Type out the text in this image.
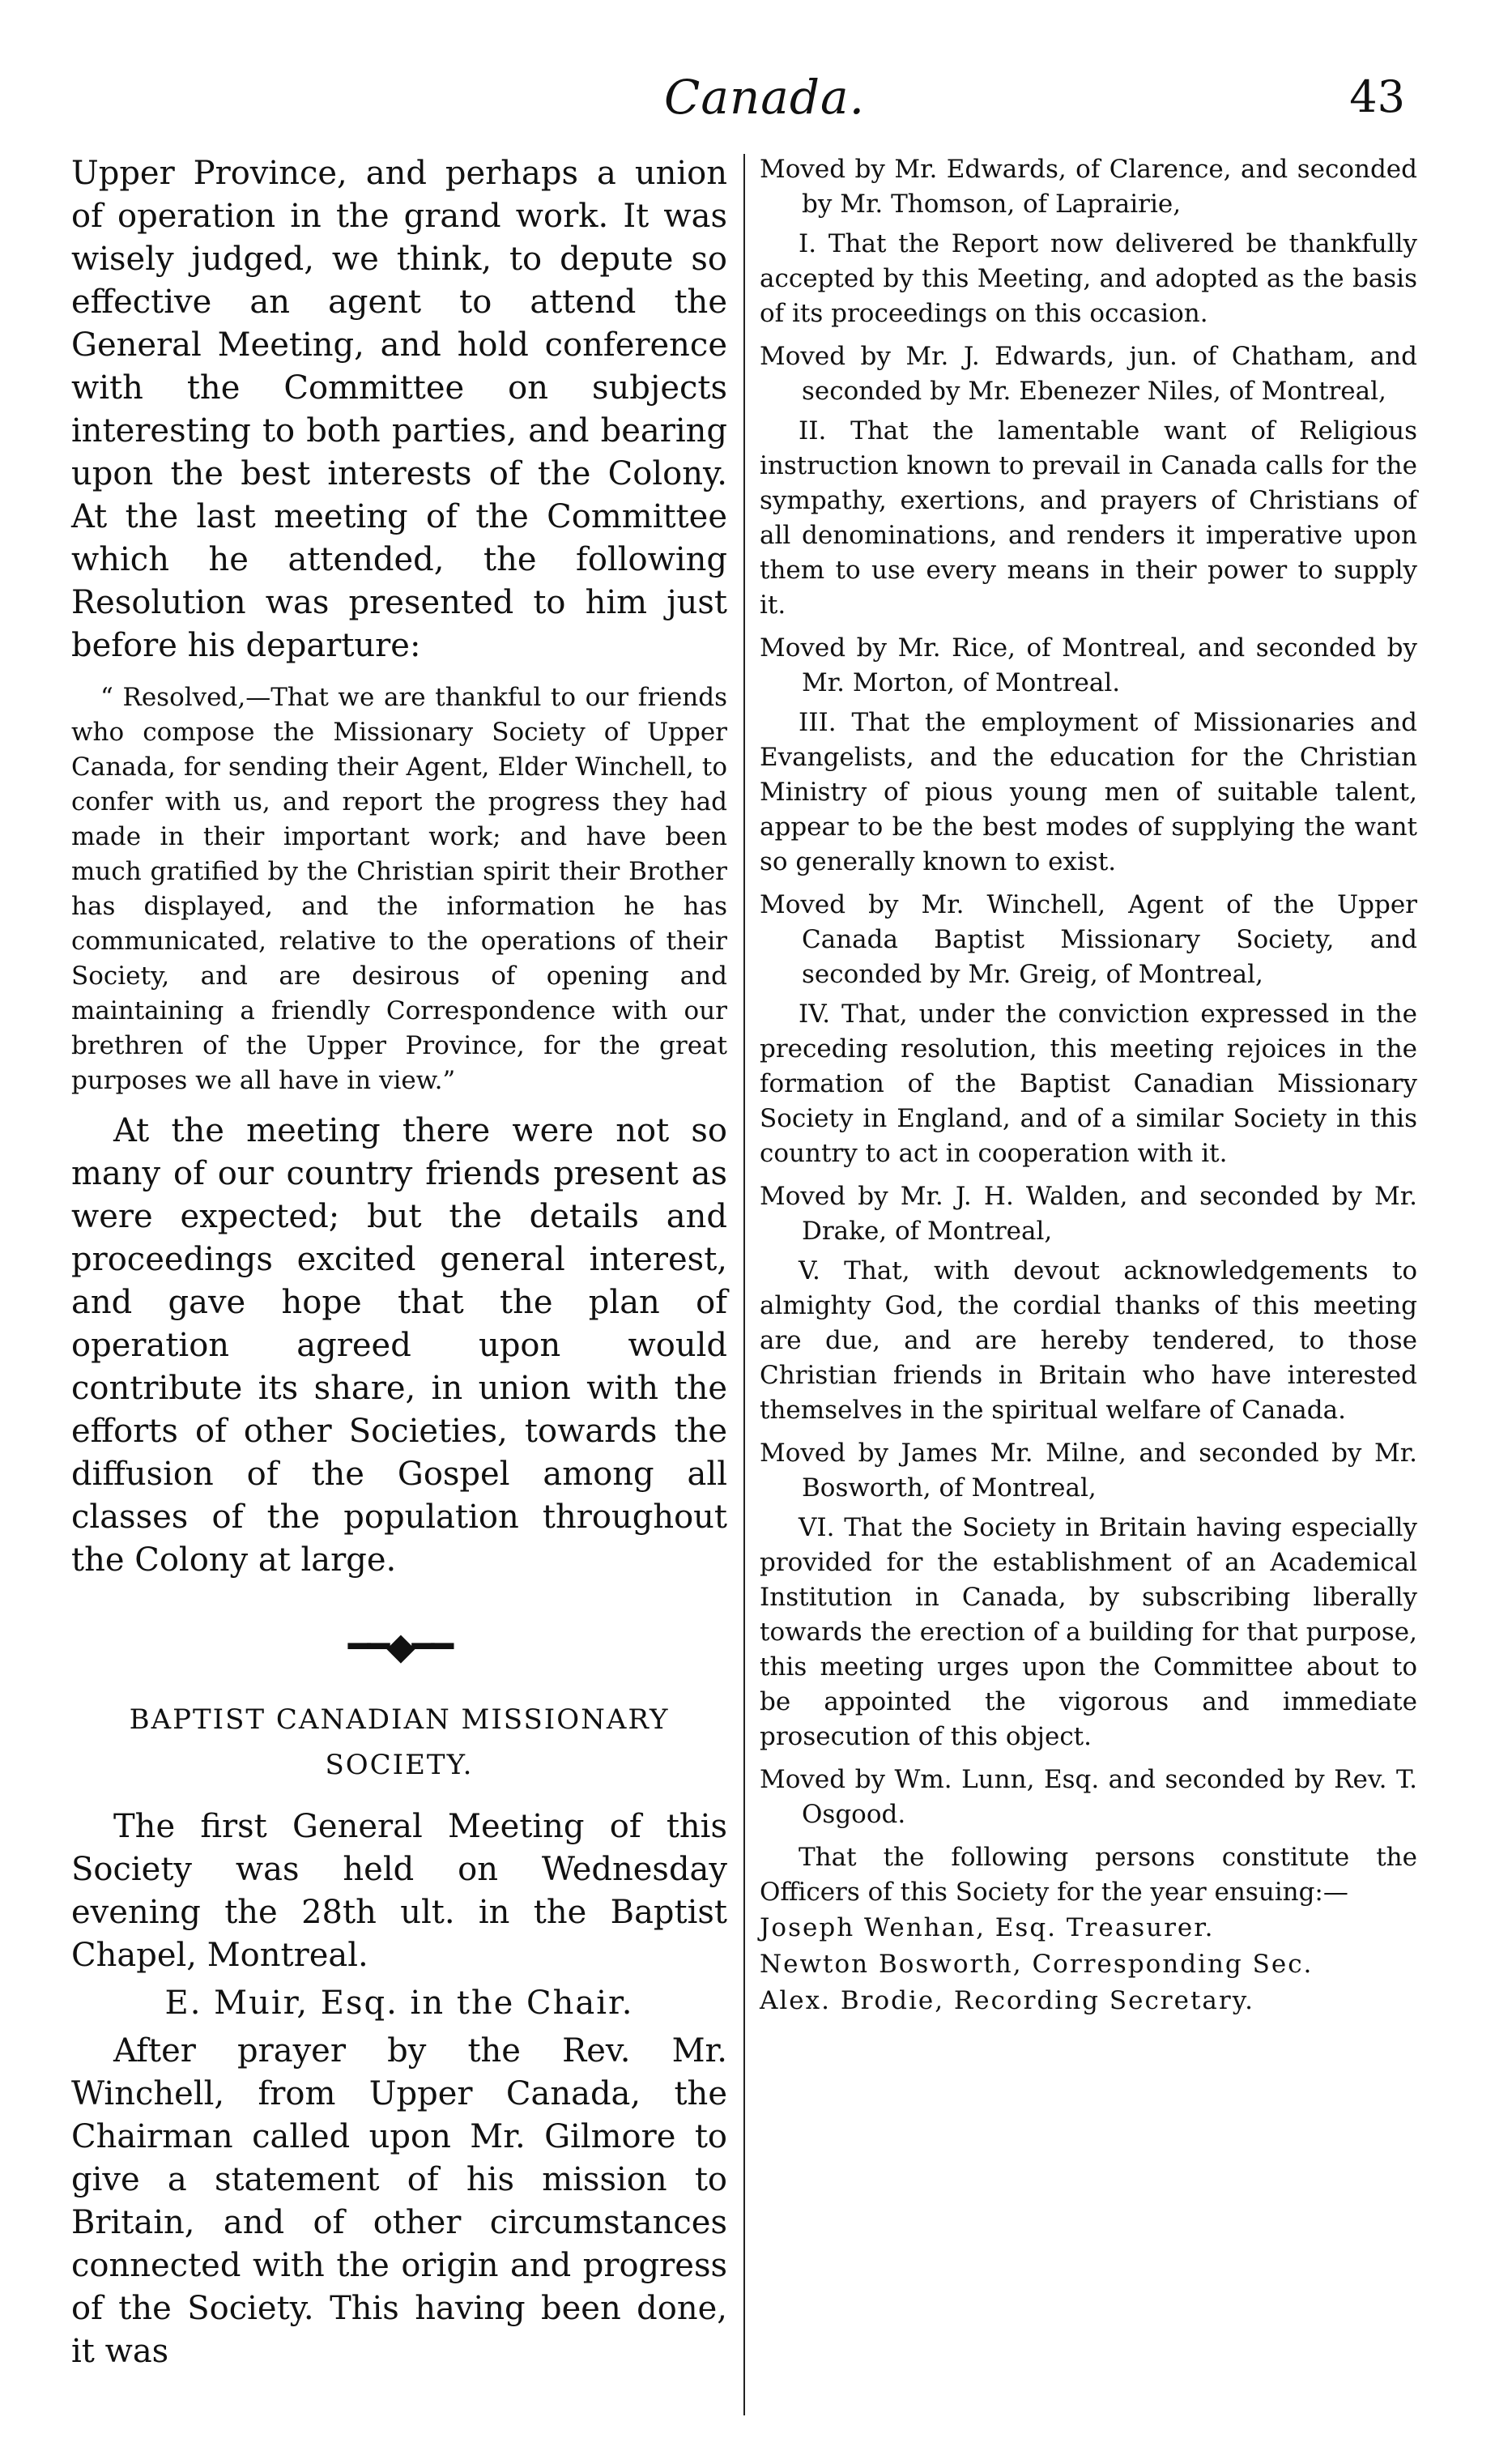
Canada.	43

Upper Province, and perhaps a union of operation in the grand work. It was wisely judged, we think, to depute so effective an agent to attend the General Meeting, and hold conference with the Committee on subjects interesting to both parties, and bearing upon the best interests of the Colony. At the last meeting of the Committee which he attended, the following Resolution was presented to him just before his departure:

“ Resolved,—That we are thankful to our friends who compose the Missionary Society of Upper Canada, for sending their Agent, Elder Winchell, to confer with us, and report the progress they had made in their important work; and have been much gratified by the Christian spirit their Brother has displayed, and the information he has communicated, relative to the operations of their Society, and are desirous of opening and maintaining a friendly Correspondence with our brethren of the Upper Province, for the great purposes we all have in view.”

At the meeting there were not so many of our country friends present as were expected; but the details and proceedings excited general interest, and gave hope that the plan of operation agreed upon would contribute its share, in union with the efforts of other Societies, towards the diffusion of the Gospel among all classes of the population throughout the Colony at large.

━━◆━━
BAPTIST CANADIAN MISSIONARY SOCIETY.

The first General Meeting of this Society was held on Wednesday evening the 28th ult. in the Baptist Chapel, Montreal.

E. Muir, Esq. in the Chair.

After prayer by the Rev. Mr. Winchell, from Upper Canada, the Chairman called upon Mr. Gilmore to give a statement of his mission to Britain, and of other circumstances connected with the origin and progress of the Society. This having been done, it was

Moved by Mr. Edwards, of Clarence, and seconded by Mr. Thomson, of Laprairie,

I. That the Report now delivered be thankfully accepted by this Meeting, and adopted as the basis of its proceedings on this occasion.

Moved by Mr. J. Edwards, jun. of Chatham, and seconded by Mr. Ebenezer Niles, of Montreal,

II. That the lamentable want of Religious instruction known to prevail in Canada calls for the sympathy, exertions, and prayers of Christians of all denominations, and renders it imperative upon them to use every means in their power to supply it.

Moved by Mr. Rice, of Montreal, and seconded by Mr. Morton, of Montreal.

III. That the employment of Missionaries and Evangelists, and the education for the Christian Ministry of pious young men of suitable talent, appear to be the best modes of supplying the want so generally known to exist.

Moved by Mr. Winchell, Agent of the Upper Canada Baptist Missionary Society, and seconded by Mr. Greig, of Montreal,

IV. That, under the conviction expressed in the preceding resolution, this meeting rejoices in the formation of the Baptist Canadian Missionary Society in England, and of a similar Society in this country to act in cooperation with it.

Moved by Mr. J. H. Walden, and seconded by Mr. Drake, of Montreal,

V. That, with devout acknowledgements to almighty God, the cordial thanks of this meeting are due, and are hereby tendered, to those Christian friends in Britain who have interested themselves in the spiritual welfare of Canada.

Moved by James Mr. Milne, and seconded by Mr. Bosworth, of Montreal,

VI. That the Society in Britain having especially provided for the establishment of an Academical Institution in Canada, by subscribing liberally towards the erection of a building for that purpose, this meeting urges upon the Committee about to be appointed the vigorous and immediate prosecution of this object.

Moved by Wm. Lunn, Esq. and seconded by Rev. T. Osgood.

That the following persons constitute the Officers of this Society for the year ensuing:—

Joseph Wenhan, Esq. Treasurer.

Newton Bosworth, Corresponding Sec.

Alex. Brodie, Recording Secretary.
